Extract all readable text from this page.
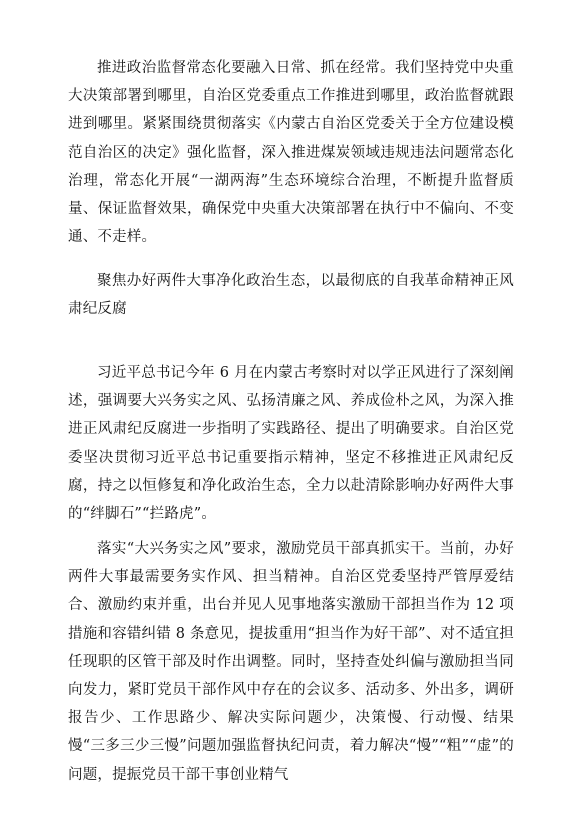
推进政治监督常态化要融入日常、抓在经常。我们坚持党中央重大决策部署到哪里，自治区党委重点工作推进到哪里，政治监督就跟进到哪里。紧紧围绕贯彻落实《内蒙古自治区党委关于全方位建设模范自治区的决定》强化监督，深入推进煤炭领域违规违法问题常态化治理，常态化开展“一湖两海”生态环境综合治理，不断提升监督质量、保证监督效果，确保党中央重大决策部署在执行中不偏向、不变通、不走样。

聚焦办好两件大事净化政治生态，以最彻底的自我革命精神正风肃纪反腐

习近平总书记今年 6 月在内蒙古考察时对以学正风进行了深刻阐述，强调要大兴务实之风、弘扬清廉之风、养成俭朴之风，为深入推进正风肃纪反腐进一步指明了实践路径、提出了明确要求。自治区党委坚决贯彻习近平总书记重要指示精神，坚定不移推进正风肃纪反腐，持之以恒修复和净化政治生态，全力以赴清除影响办好两件大事的“绊脚石”“拦路虎”。

落实“大兴务实之风”要求，激励党员干部真抓实干。当前，办好两件大事最需要务实作风、担当精神。自治区党委坚持严管厚爱结合、激励约束并重，出台并见人见事地落实激励干部担当作为 12 项措施和容错纠错 8 条意见，提拔重用“担当作为好干部”、对不适宜担任现职的区管干部及时作出调整。同时，坚持查处纠偏与激励担当同向发力，紧盯党员干部作风中存在的会议多、活动多、外出多，调研报告少、工作思路少、解决实际问题少，决策慢、行动慢、结果慢“三多三少三慢”问题加强监督执纪问责，着力解决“慢”“粗”“虚”的问题，提振党员干部干事创业精气
